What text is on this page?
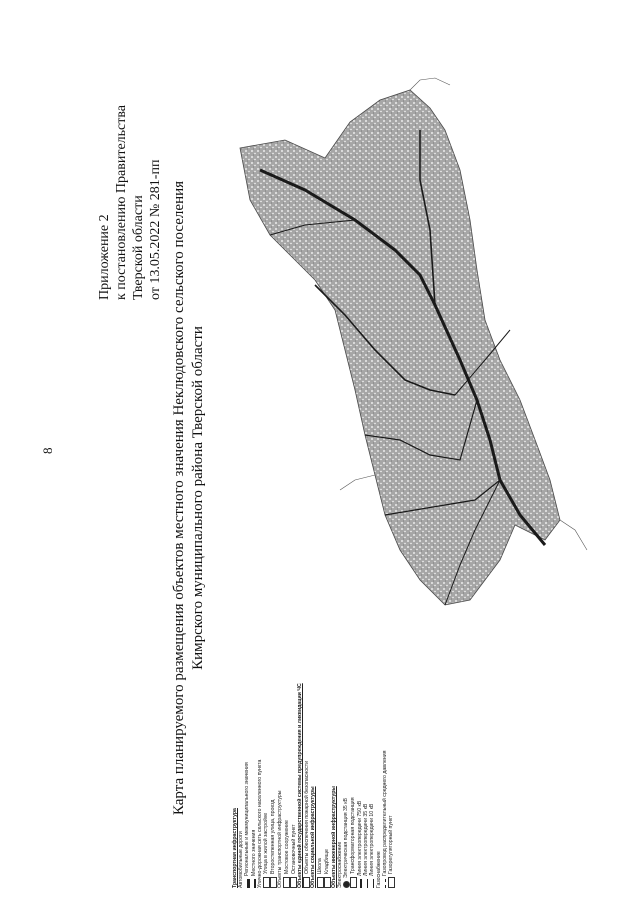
8
Приложение 2 к постановлению Правительства Тверской области от 13.05.2022 № 281-пп Карта планируемого размещения объектов местного значения Неклюдовского сельского поселения Кимрского муниципального района Тверской области
Транспортная инфраструктура Автомобильные дороги Региональные и межмуниципального значения Местного значения Улично-дорожная сеть сельского населенного пункта Улица в жилой застройке Второстепенная улица, проезд Объекты транспортной инфраструктуры Мостовое сооружение Остановочный пункт Объекты единой государственной системы предупреждения и ликвидации ЧС Объекты обеспечения пожарной безопасности Объекты социальной инфраструктуры Школа Кладбище Объекты инженерной инфраструктуры Электроснабжение Электрическая подстанция 35 кВ Трансформаторная подстанция Линия электропередачи 750 кВ Линия электропередачи 35 кВ Линия электропередачи 10 кВ Газоснабжение Газопровод распределительный среднего давления Газорегуляторный пункт
